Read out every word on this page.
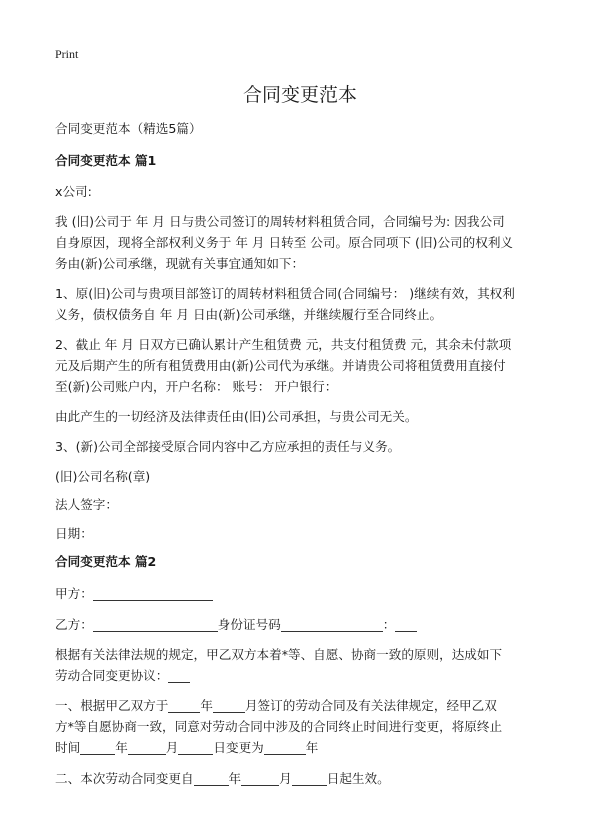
Print
合同变更范本

合同变更范本（精选5篇）

合同变更范本 篇1

x公司:

我 (旧)公司于 年 月 日与贵公司签订的周转材料租赁合同，合同编号为: 因我公司

自身原因，现将全部权利义务于 年 月 日转至 公司。原合同项下 (旧)公司的权利义

务由(新)公司承继，现就有关事宜通知如下：

1、原(旧)公司与贵项目部签订的周转材料租赁合同(合同编号： )继续有效，其权利

义务，债权债务自 年 月 日由(新)公司承继，并继续履行至合同终止。

2、截止 年 月 日双方已确认累计产生租赁费 元，共支付租赁费 元，其余未付款项

元及后期产生的所有租赁费用由(新)公司代为承继。并请贵公司将租赁费用直接付

至(新)公司账户内，开户名称： 账号： 开户银行：

由此产生的一切经济及法律责任由(旧)公司承担，与贵公司无关。

3、(新)公司全部接受原合同内容中乙方应承担的责任与义务。

(旧)公司名称(章)

法人签字：

日期：

合同变更范本 篇2

甲方：

乙方：	身份证号码	：

根据有关法律法规的规定，甲乙双方本着*等、自愿、协商一致的原则，达成如下

劳动合同变更协议：

一、根据甲乙双方于	年	月签订的劳动合同及有关法律规定，经甲乙双

方*等自愿协商一致，同意对劳动合同中涉及的合同终止时间进行变更，将原终止

时间	年	月	日变更为	年

二、本次劳动合同变更自	年	月	日起生效。
